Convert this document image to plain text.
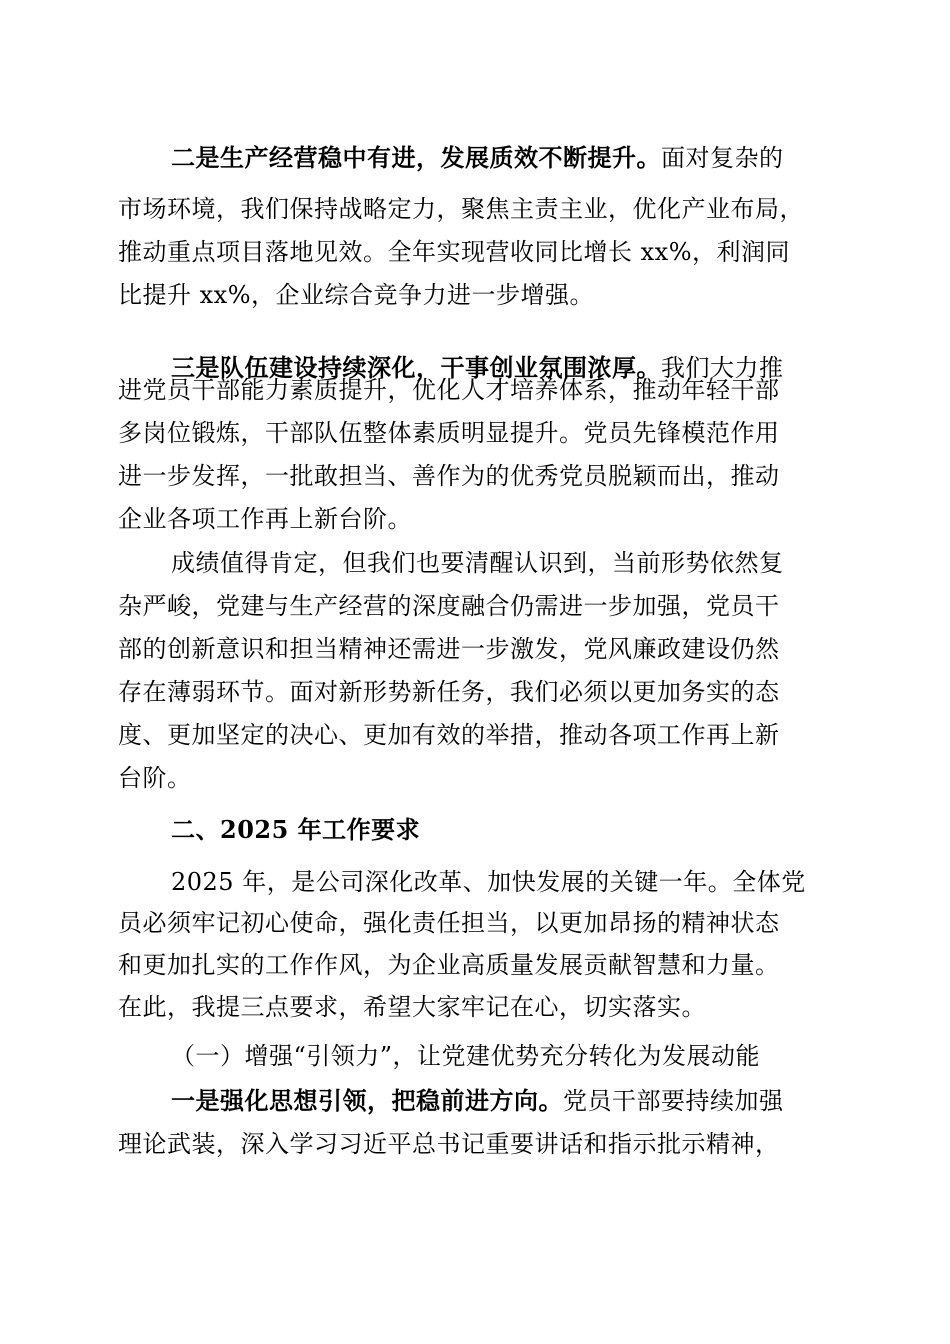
二是生产经营稳中有进，发展质效不断提升。面对复杂的
市场环境，我们保持战略定力，聚焦主责主业，优化产业布局，
推动重点项目落地见效。全年实现营收同比增长 xx%，利润同
比提升 xx%，企业综合竞争力进一步增强。
三是队伍建设持续深化，干事创业氛围浓厚。我们大力推
进党员干部能力素质提升，优化人才培养体系，推动年轻干部
多岗位锻炼，干部队伍整体素质明显提升。党员先锋模范作用
进一步发挥，一批敢担当、善作为的优秀党员脱颖而出，推动
企业各项工作再上新台阶。
成绩值得肯定，但我们也要清醒认识到，当前形势依然复
杂严峻，党建与生产经营的深度融合仍需进一步加强，党员干
部的创新意识和担当精神还需进一步激发，党风廉政建设仍然
存在薄弱环节。面对新形势新任务，我们必须以更加务实的态
度、更加坚定的决心、更加有效的举措，推动各项工作再上新
台阶。
二、2025 年工作要求
2025 年，是公司深化改革、加快发展的关键一年。全体党
员必须牢记初心使命，强化责任担当，以更加昂扬的精神状态
和更加扎实的工作作风，为企业高质量发展贡献智慧和力量。
在此，我提三点要求，希望大家牢记在心，切实落实。
（一）增强“引领力”，让党建优势充分转化为发展动能
一是强化思想引领，把稳前进方向。党员干部要持续加强
理论武装，深入学习习近平总书记重要讲话和指示批示精神，
